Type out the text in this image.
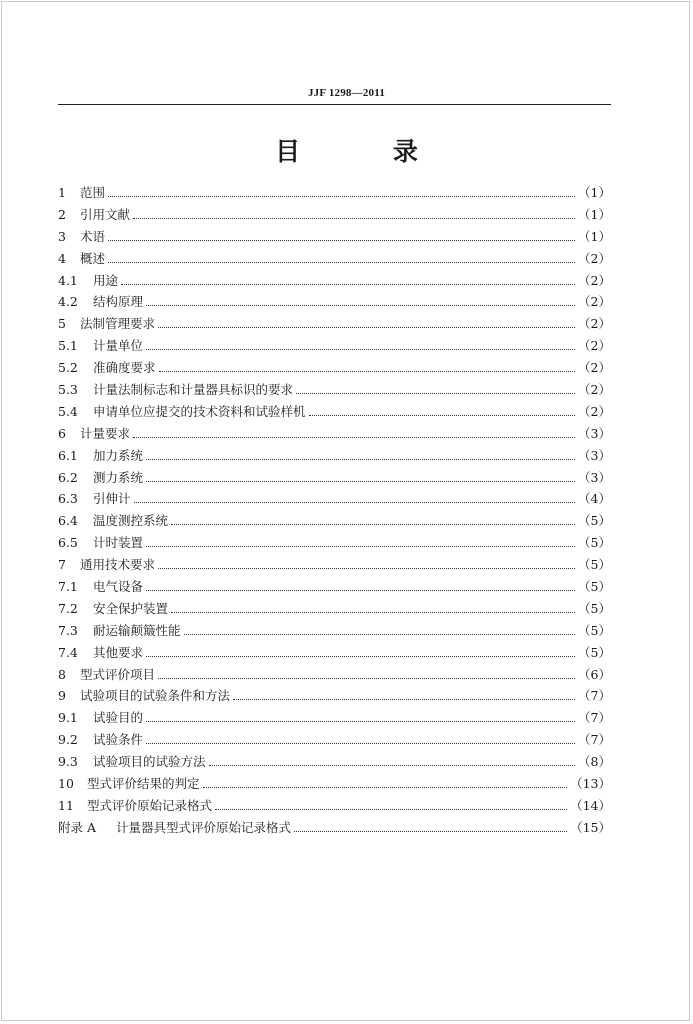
JJF 1298—2011
目 录
1	范围	（1）
2	引用文献	（1）
3	术语	（1）
4	概述	（2）
4.1	用途	（2）
4.2	结构原理	（2）
5	法制管理要求	（2）
5.1	计量单位	（2）
5.2	准确度要求	（2）
5.3	计量法制标志和计量器具标识的要求	（2）
5.4	申请单位应提交的技术资料和试验样机	（2）
6	计量要求	（3）
6.1	加力系统	（3）
6.2	测力系统	（3）
6.3	引伸计	（4）
6.4	温度测控系统	（5）
6.5	计时装置	（5）
7	通用技术要求	（5）
7.1	电气设备	（5）
7.2	安全保护装置	（5）
7.3	耐运输颠簸性能	（5）
7.4	其他要求	（5）
8	型式评价项目	（6）
9	试验项目的试验条件和方法	（7）
9.1	试验目的	（7）
9.2	试验条件	（7）
9.3	试验项目的试验方法	（8）
10	型式评价结果的判定	（13）
11	型式评价原始记录格式	（14）
附录 A	计量器具型式评价原始记录格式	（15）
